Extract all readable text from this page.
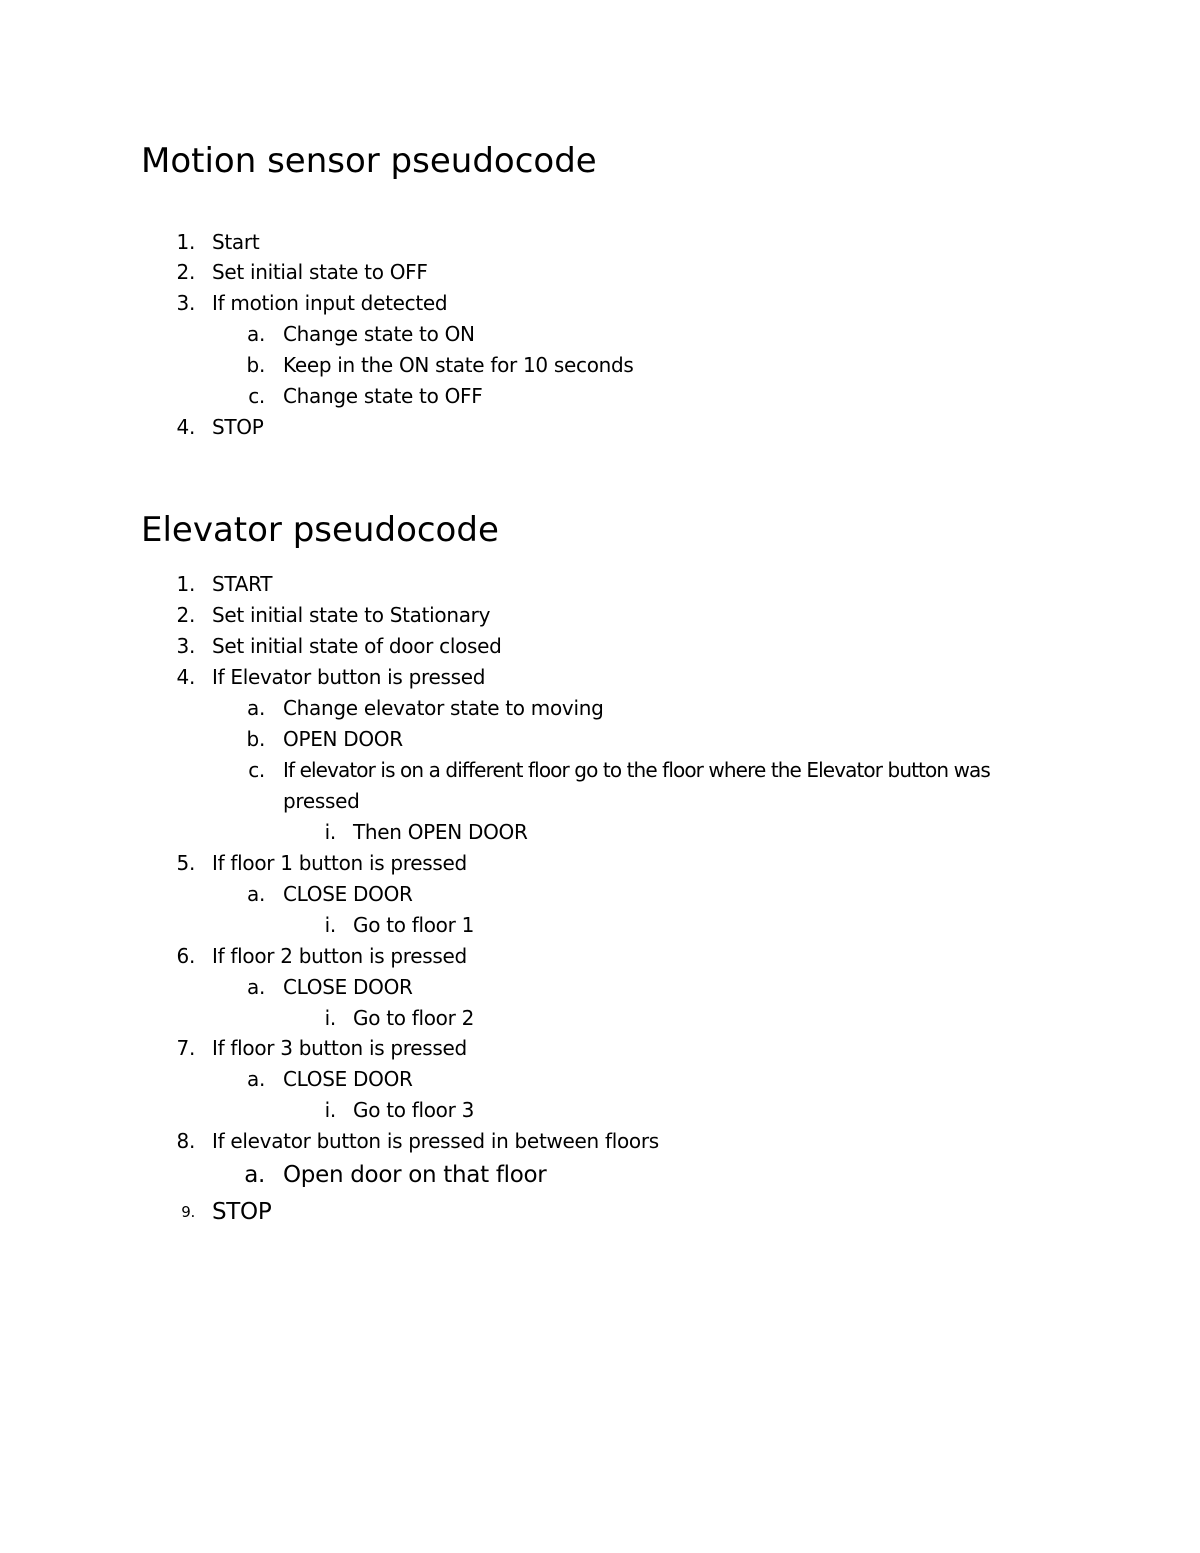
Motion sensor pseudocode
1. Start
2. Set initial state to OFF
3. If motion input detected
a. Change state to ON
b. Keep in the ON state for 10 seconds
c. Change state to OFF
4. STOP
Elevator pseudocode
1. START
2. Set initial state to Stationary
3. Set initial state of door closed
4. If Elevator button is pressed
a. Change elevator state to moving
b. OPEN DOOR
c. If elevator is on a different floor go to the floor where the Elevator button was
pressed
i. Then OPEN DOOR
5. If floor 1 button is pressed
a. CLOSE DOOR
i. Go to floor 1
6. If floor 2 button is pressed
a. CLOSE DOOR
i. Go to floor 2
7. If floor 3 button is pressed
a. CLOSE DOOR
i. Go to floor 3
8. If elevator button is pressed in between floors
a. Open door on that floor
9. STOP
